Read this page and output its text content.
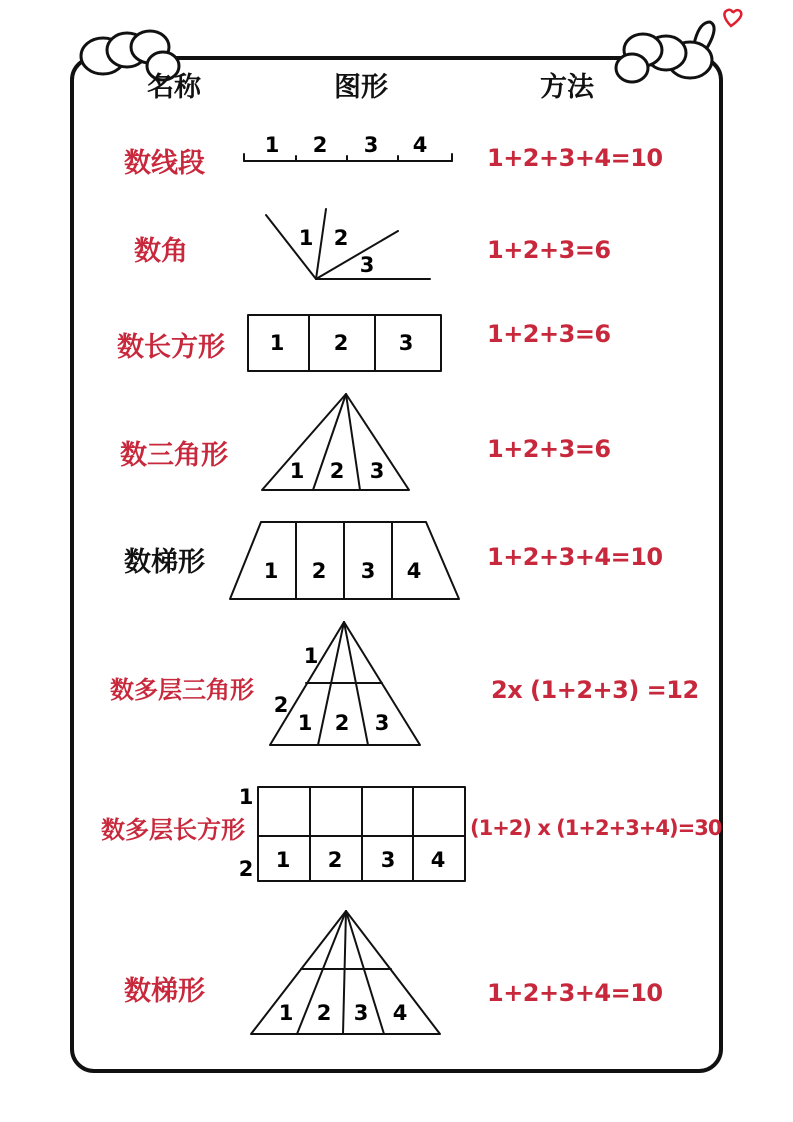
名称	图形	方法
数线段
数角
数长方形
数三角形
数梯形
数多层三角形
数多层长方形
数梯形
1+2+3+4=10
1+2+3=6
1+2+3=6
1+2+3=6
1+2+3+4=10
2x (1+2+3) =12
(1+2) x (1+2+3+4)=30
1+2+3+4=10
1 2 3 4
1 2
3
1 2 3
1 2 3
1 2 3 4
1
2
1 2 3
1
2 1 2 3 4
1 2 3 4
